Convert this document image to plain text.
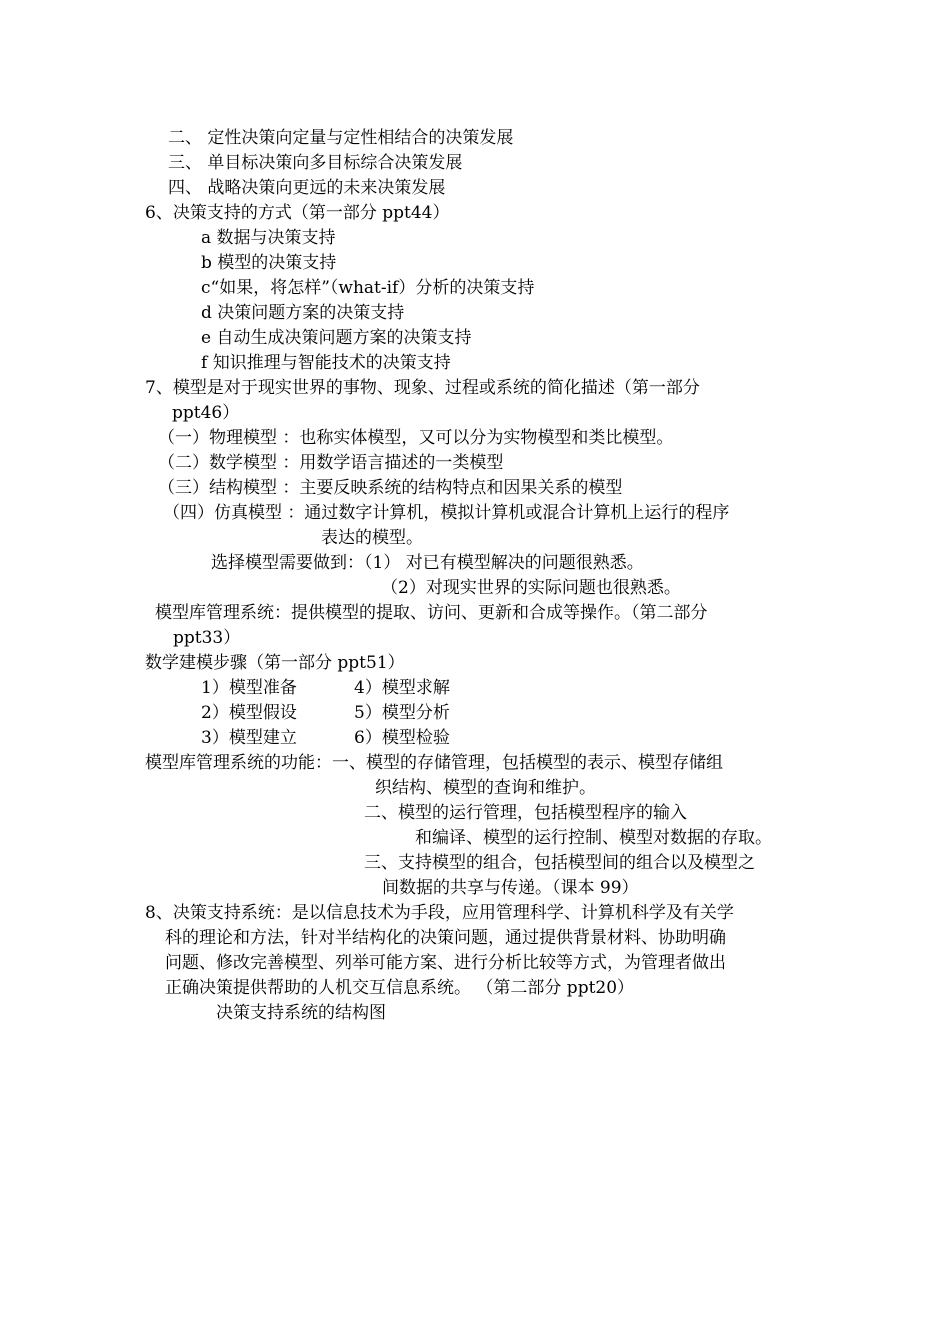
二、 定性决策向定量与定性相结合的决策发展
三、 单目标决策向多目标综合决策发展
四、 战略决策向更远的未来决策发展
6、决策支持的方式（第一部分 ppt44）
a 数据与决策支持
b 模型的决策支持
c“如果，将怎样”（what-if）分析的决策支持
d 决策问题方案的决策支持
e 自动生成决策问题方案的决策支持
f 知识推理与智能技术的决策支持
7、模型是对于现实世界的事物、现象、过程或系统的简化描述（第一部分
ppt46）
（一）物理模型 ：也称实体模型，又可以分为实物模型和类比模型。
（二）数学模型 ：用数学语言描述的一类模型
（三）结构模型 ：主要反映系统的结构特点和因果关系的模型
（四）仿真模型 ：通过数字计算机，模拟计算机或混合计算机上运行的程序
表达的模型。
选择模型需要做到：（1） 对已有模型解决的问题很熟悉。
（2）对现实世界的实际问题也很熟悉。
模型库管理系统：提供模型的提取、访问、更新和合成等操作。（第二部分
ppt33）
数学建模步骤（第一部分 ppt51）
1）模型准备	4）模型求解
2）模型假设	5）模型分析
3）模型建立	6）模型检验
模型库管理系统的功能：一、模型的存储管理，包括模型的表示、模型存储组
织结构、模型的查询和维护。
二、模型的运行管理，包括模型程序的输入
和编译、模型的运行控制、模型对数据的存取。
三、支持模型的组合，包括模型间的组合以及模型之
间数据的共享与传递。（课本 99）
8、决策支持系统：是以信息技术为手段，应用管理科学、计算机科学及有关学
科的理论和方法，针对半结构化的决策问题，通过提供背景材料、协助明确
问题、修改完善模型、列举可能方案、进行分析比较等方式，为管理者做出
正确决策提供帮助的人机交互信息系统。 （第二部分 ppt20）
决策支持系统的结构图
